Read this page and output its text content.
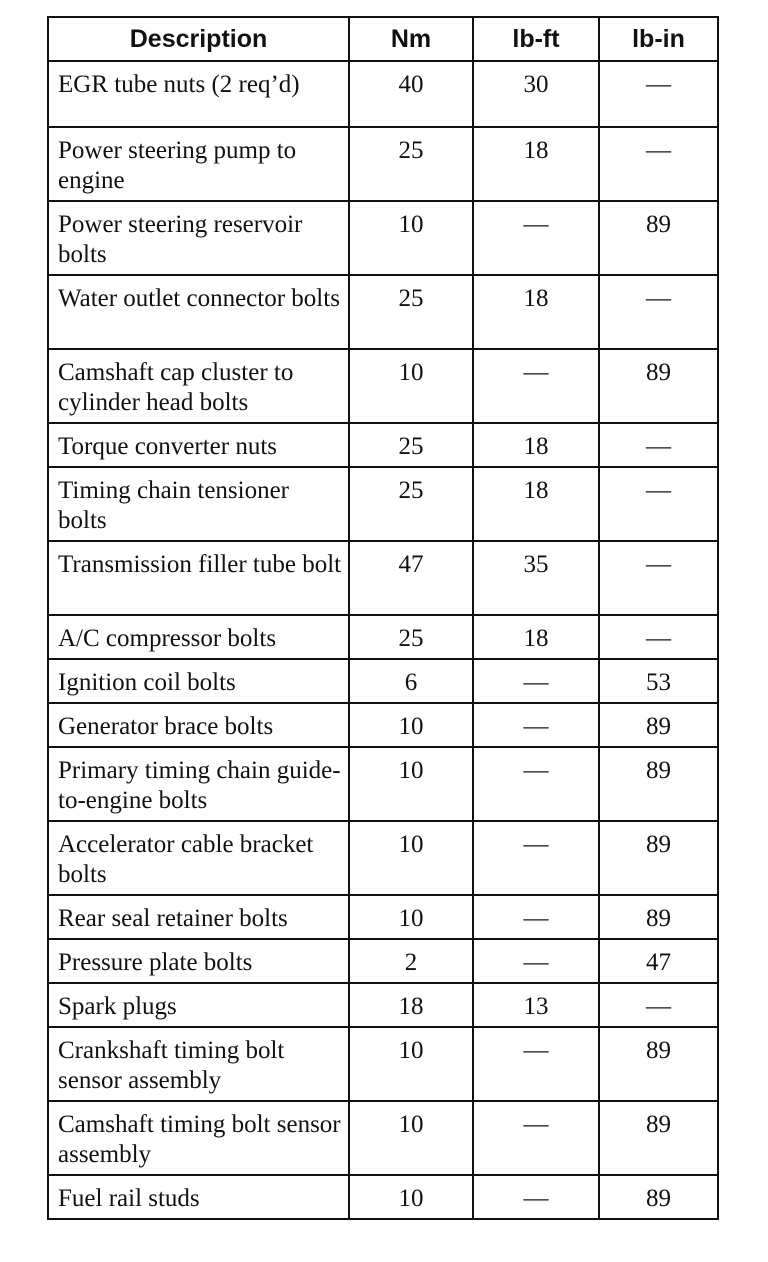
Description	Nm	lb-ft	lb-in
EGR tube nuts (2 req’d)	40	30	—
Power steering pump to engine	25	18	—
Power steering reservoir bolts	10	—	89
Water outlet connector bolts	25	18	—
Camshaft cap cluster to cylinder head bolts	10	—	89
Torque converter nuts	25	18	—
Timing chain tensioner bolts	25	18	—
Transmission filler tube bolt	47	35	—
A/C compressor bolts	25	18	—
Ignition coil bolts	6	—	53
Generator brace bolts	10	—	89
Primary timing chain guide-to-engine bolts	10	—	89
Accelerator cable bracket bolts	10	—	89
Rear seal retainer bolts	10	—	89
Pressure plate bolts	2	—	47
Spark plugs	18	13	—
Crankshaft timing bolt sensor assembly	10	—	89
Camshaft timing bolt sensor assembly	10	—	89
Fuel rail studs	10	—	89
